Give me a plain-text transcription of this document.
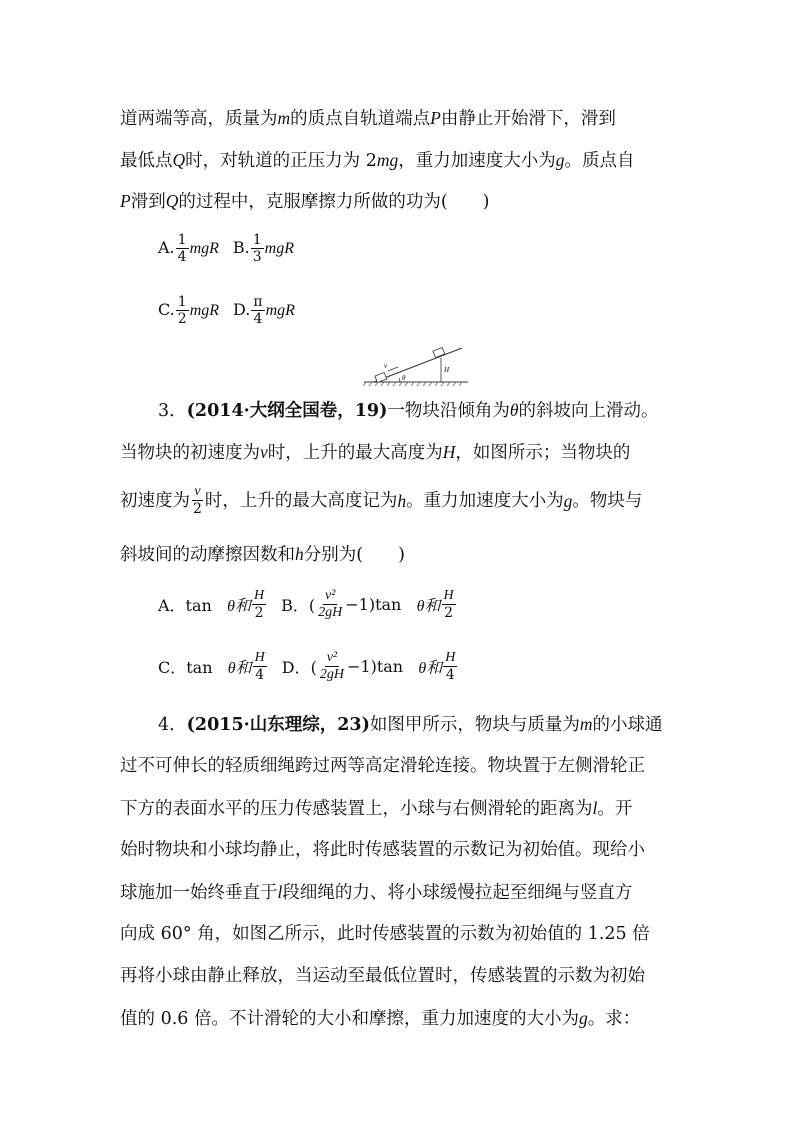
道两端等高，质量为m的质点自轨道端点P由静止开始滑下，滑到
最低点Q时，对轨道的正压力为 2mg，重力加速度大小为g。质点自
P滑到Q的过程中，克服摩擦力所做的功为(　　)
A. $\frac{1}{4}$ mgR B. $\frac{1}{3}$ mgR
C. $\frac{1}{2}$ mgR D. $\frac{\pi}{4}$ mgR
v
θ
H
3．(2014·大纲全国卷，19)一物块沿倾角为θ的斜坡向上滑动。
当物块的初速度为v时，上升的最大高度为H，如图所示；当物块的
初速度为 $\frac{v}{2}$ 时，上升的最大高度记为 h 。重力加速度大小为 g 。物块与
斜坡间的动摩擦因数和h分别为(　　)
A．tan
θ和 $\frac{H}{2}$ B．( $\frac{\text{v²}}{2gH} -1)\tan$
θ和 $\frac{H}{2}$
C．tan
θ和 $\frac{H}{4}$ D．( $\frac{\text{v²}}{2gH} -1)\tan$
θ和 $\frac{H}{4}$
4．(2015·山东理综，23)如图甲所示，物块与质量为m的小球通
过不可伸长的轻质细绳跨过两等高定滑轮连接。物块置于左侧滑轮正
下方的表面水平的压力传感装置上，小球与右侧滑轮的距离为l。开
始时物块和小球均静止，将此时传感装置的示数记为初始值。现给小
球施加一始终垂直于l段细绳的力、将小球缓慢拉起至细绳与竖直方
向成 60° 角，如图乙所示，此时传感装置的示数为初始值的 1.25 倍
再将小球由静止释放，当运动至最低位置时，传感装置的示数为初始
值的 0.6 倍。不计滑轮的大小和摩擦，重力加速度的大小为g。求：
